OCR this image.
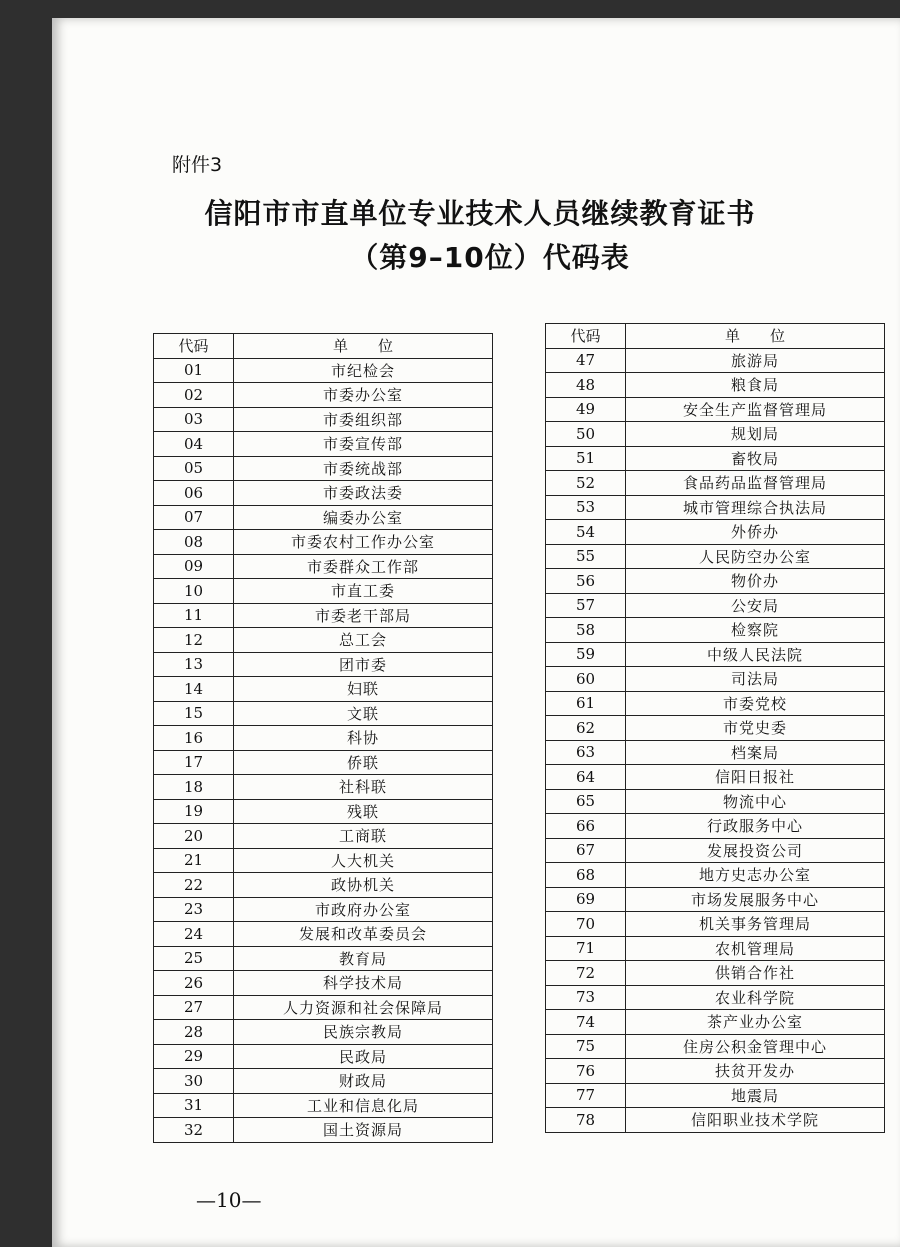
附件3
信阳市市直单位专业技术人员继续教育证书
（第9–10位）代码表
代码	单　　位
01	市纪检会
02	市委办公室
03	市委组织部
04	市委宣传部
05	市委统战部
06	市委政法委
07	编委办公室
08	市委农村工作办公室
09	市委群众工作部
10	市直工委
11	市委老干部局
12	总工会
13	团市委
14	妇联
15	文联
16	科协
17	侨联
18	社科联
19	残联
20	工商联
21	人大机关
22	政协机关
23	市政府办公室
24	发展和改革委员会
25	教育局
26	科学技术局
27	人力资源和社会保障局
28	民族宗教局
29	民政局
30	财政局
31	工业和信息化局
32	国土资源局
代码	单　　位
47	旅游局
48	粮食局
49	安全生产监督管理局
50	规划局
51	畜牧局
52	食品药品监督管理局
53	城市管理综合执法局
54	外侨办
55	人民防空办公室
56	物价办
57	公安局
58	检察院
59	中级人民法院
60	司法局
61	市委党校
62	市党史委
63	档案局
64	信阳日报社
65	物流中心
66	行政服务中心
67	发展投资公司
68	地方史志办公室
69	市场发展服务中心
70	机关事务管理局
71	农机管理局
72	供销合作社
73	农业科学院
74	茶产业办公室
75	住房公积金管理中心
76	扶贫开发办
77	地震局
78	信阳职业技术学院
—10—
